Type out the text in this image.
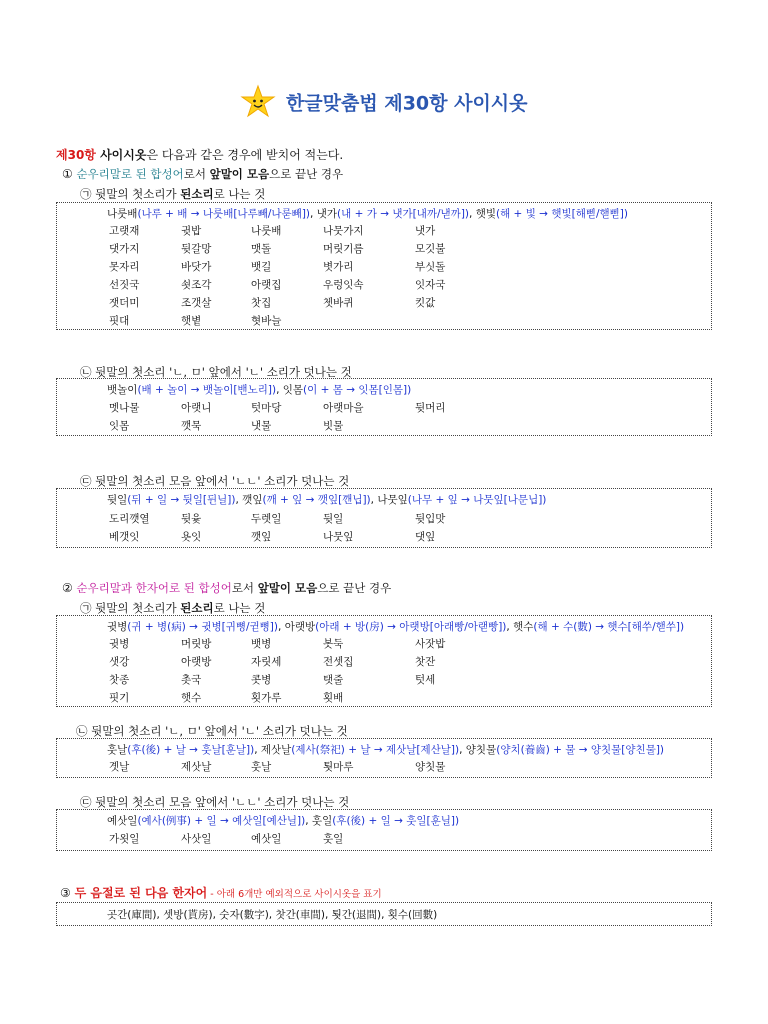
한글맞춤법 제30항 사이시옷
제30항 사이시옷은 다음과 같은 경우에 받치어 적는다.
① 순우리말로 된 합성어로서 앞말이 모음으로 끝난 경우
㉠ 뒷말의 첫소리가 된소리로 나는 것
나룻배(나루 + 배 → 나룻배[나루빼/나룯빼]), 냇가(내 + 가 → 냇가[내까/낻까]), 햇빛(해 + 빛 → 햇빛[해삗/핻삗])
고랫재	귓밥	나룻배	나뭇가지	냇가
댓가지	뒷갈망	맷돌	머릿기름	모깃불
못자리	바닷가	뱃길	볏가리	부싯돌
선짓국	쇳조각	아랫집	우렁잇속	잇자국
잿더미	조갯살	찻집	쳇바퀴	킷값
핏대	햇볕	혓바늘
㉡ 뒷말의 첫소리 'ㄴ, ㅁ' 앞에서 'ㄴ' 소리가 덧나는 것
뱃놀이(배 + 놀이 → 뱃놀이[밴노리]), 잇몸(이 + 몸 → 잇몸[인몸])
멧나물	아랫니	텃마당	아랫마을	뒷머리
잇몸	깻묵	냇물	빗물
㉢ 뒷말의 첫소리 모음 앞에서 'ㄴㄴ' 소리가 덧나는 것
뒷일(뒤 + 일 → 뒷일[뒨닐]), 깻잎(깨 + 잎 → 깻잎[깬닙]), 나뭇잎(나무 + 잎 → 나뭇잎[나문닙])
도리깻열	뒷윷	두렛일	뒷일	뒷입맛
베갯잇	욧잇	깻잎	나뭇잎	댓잎
② 순우리말과 한자어로 된 합성어로서 앞말이 모음으로 끝난 경우
㉠ 뒷말의 첫소리가 된소리로 나는 것
귓병(귀 + 병(病) → 귓병[귀뼝/귇뼝]), 아랫방(아래 + 방(房) → 아랫방[아래빵/아랟빵]), 햇수(해 + 수(數) → 햇수[해쑤/핻쑤])
귓병	머릿방	뱃병	봇둑	사잣밥
샛강	아랫방	자릿세	전셋집	찻잔
찻종	촛국	콧병	탯줄	텃세
핏기	햇수	횟가루	횟배
㉡ 뒷말의 첫소리 'ㄴ, ㅁ' 앞에서 'ㄴ' 소리가 덧나는 것
훗날(후(後) + 날 → 훗날[훈날]), 제삿날(제사(祭祀) + 날 → 제삿날[제산날]), 양칫물(양치(養齒) + 물 → 양칫물[양친물])
곗날	제삿날	훗날	툇마루	양칫물
㉢ 뒷말의 첫소리 모음 앞에서 'ㄴㄴ' 소리가 덧나는 것
예삿일(예사(例事) + 일 → 예삿일[예산닐]), 훗일(후(後) + 일 → 훗일[훈닐])
가욋일	사삿일	예삿일	훗일
③ 두 음절로 된 다음 한자어 - 아래 6개만 예외적으로 사이시옷을 표기
곳간(庫間), 셋방(貰房), 숫자(數字), 찻간(車間), 툇간(退間), 횟수(回數)
